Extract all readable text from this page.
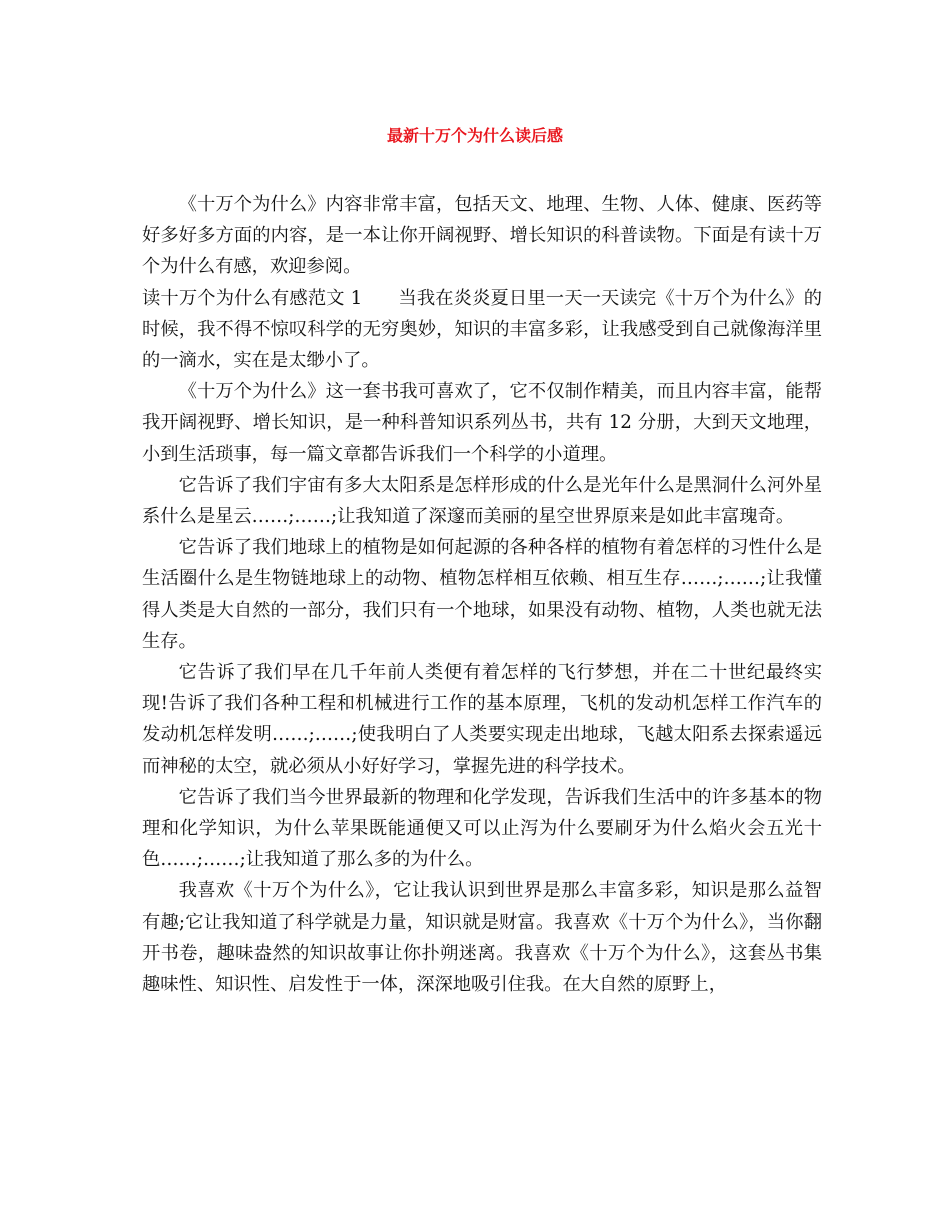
最新十万个为什么读后感

《十万个为什么》内容非常丰富，包括天文、地理、生物、人体、健康、医药等好多好多方面的内容，是一本让你开阔视野、增长知识的科普读物。下面是有读十万个为什么有感，欢迎参阅。

读十万个为什么有感范文 1 当我在炎炎夏日里一天一天读完《十万个为什么》的时候，我不得不惊叹科学的无穷奥妙，知识的丰富多彩，让我感受到自己就像海洋里的一滴水，实在是太缈小了。

《十万个为什么》这一套书我可喜欢了，它不仅制作精美，而且内容丰富，能帮我开阔视野、增长知识，是一种科普知识系列丛书，共有 12 分册，大到天文地理，小到生活琐事，每一篇文章都告诉我们一个科学的小道理。

它告诉了我们宇宙有多大太阳系是怎样形成的什么是光年什么是黑洞什么河外星系什么是星云……;……;让我知道了深邃而美丽的星空世界原来是如此丰富瑰奇。

它告诉了我们地球上的植物是如何起源的各种各样的植物有着怎样的习性什么是生活圈什么是生物链地球上的动物、植物怎样相互依赖、相互生存……;……;让我懂得人类是大自然的一部分，我们只有一个地球，如果没有动物、植物，人类也就无法生存。

它告诉了我们早在几千年前人类便有着怎样的飞行梦想，并在二十世纪最终实现!告诉了我们各种工程和机械进行工作的基本原理，飞机的发动机怎样工作汽车的发动机怎样发明……;……;使我明白了人类要实现走出地球，飞越太阳系去探索遥远而神秘的太空，就必须从小好好学习，掌握先进的科学技术。

它告诉了我们当今世界最新的物理和化学发现，告诉我们生活中的许多基本的物理和化学知识，为什么苹果既能通便又可以止泻为什么要刷牙为什么焰火会五光十色……;……;让我知道了那么多的为什么。

我喜欢《十万个为什么》，它让我认识到世界是那么丰富多彩，知识是那么益智有趣;它让我知道了科学就是力量，知识就是财富。我喜欢《十万个为什么》，当你翻开书卷，趣味盎然的知识故事让你扑朔迷离。我喜欢《十万个为什么》，这套丛书集趣味性、知识性、启发性于一体，深深地吸引住我。在大自然的原野上，
